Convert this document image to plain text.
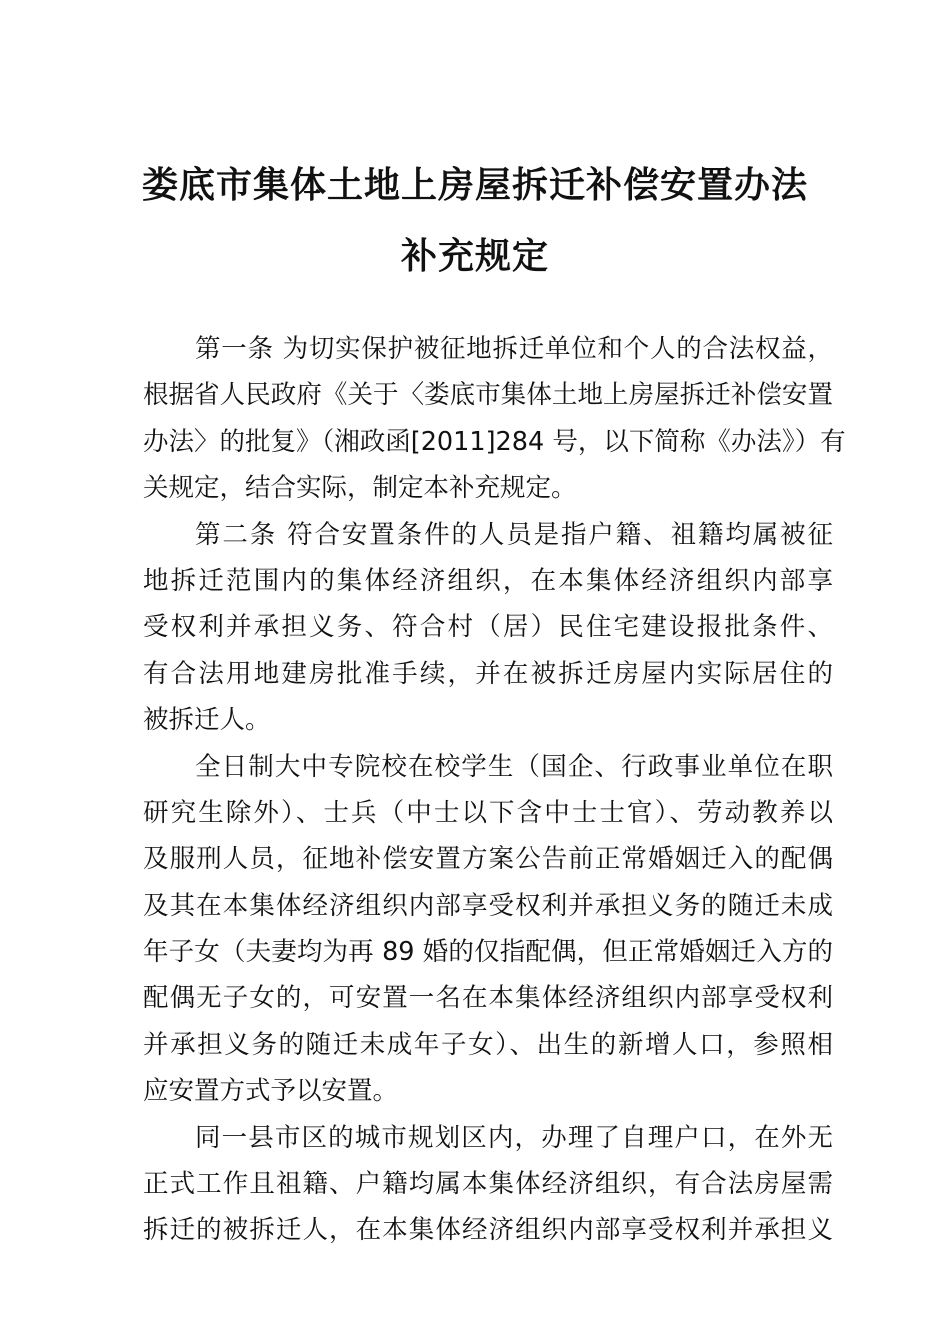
娄底市集体土地上房屋拆迁补偿安置办法
补充规定
第一条 为切实保护被征地拆迁单位和个人的合法权益，
根据省人民政府《关于〈娄底市集体土地上房屋拆迁补偿安置
办法〉的批复》（湘政函[2011]284 号，以下简称《办法》）有
关规定，结合实际，制定本补充规定。
第二条 符合安置条件的人员是指户籍、祖籍均属被征
地拆迁范围内的集体经济组织，在本集体经济组织内部享
受权利并承担义务、符合村（居）民住宅建设报批条件、
有合法用地建房批准手续，并在被拆迁房屋内实际居住的
被拆迁人。
全日制大中专院校在校学生（国企、行政事业单位在职
研究生除外）、士兵（中士以下含中士士官）、劳动教养以
及服刑人员，征地补偿安置方案公告前正常婚姻迁入的配偶
及其在本集体经济组织内部享受权利并承担义务的随迁未成
年子女（夫妻均为再 89 婚的仅指配偶，但正常婚姻迁入方的
配偶无子女的，可安置一名在本集体经济组织内部享受权利
并承担义务的随迁未成年子女）、出生的新增人口，参照相
应安置方式予以安置。
同一县市区的城市规划区内，办理了自理户口，在外无
正式工作且祖籍、户籍均属本集体经济组织，有合法房屋需
拆迁的被拆迁人，在本集体经济组织内部享受权利并承担义
